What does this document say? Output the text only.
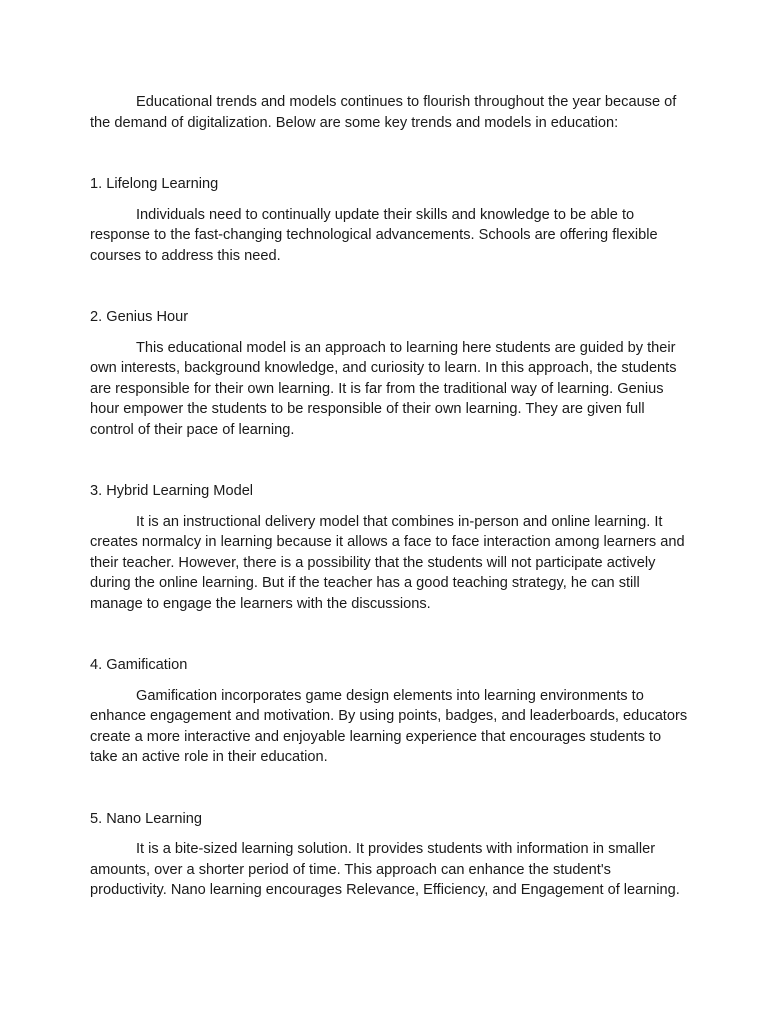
Educational trends and models continues to flourish throughout the year because of the demand of digitalization. Below are some key trends and models in education:

1. Lifelong Learning

Individuals need to continually update their skills and knowledge to be able to response to the fast-changing technological advancements. Schools are offering flexible courses to address this need.

2. Genius Hour

This educational model is an approach to learning here students are guided by their own interests, background knowledge, and curiosity to learn. In this approach, the students are responsible for their own learning. It is far from the traditional way of learning. Genius hour empower the students to be responsible of their own learning. They are given full control of their pace of learning.

3. Hybrid Learning Model

It is an instructional delivery model that combines in-person and online learning. It creates normalcy in learning because it allows a face to face interaction among learners and their teacher. However, there is a possibility that the students will not participate actively during the online learning. But if the teacher has a good teaching strategy, he can still manage to engage the learners with the discussions.

4. Gamification

Gamification incorporates game design elements into learning environments to enhance engagement and motivation. By using points, badges, and leaderboards, educators create a more interactive and enjoyable learning experience that encourages students to take an active role in their education.

5. Nano Learning

It is a bite-sized learning solution. It provides students with information in smaller amounts, over a shorter period of time. This approach can enhance the student's productivity. Nano learning encourages Relevance, Efficiency, and Engagement of learning.
